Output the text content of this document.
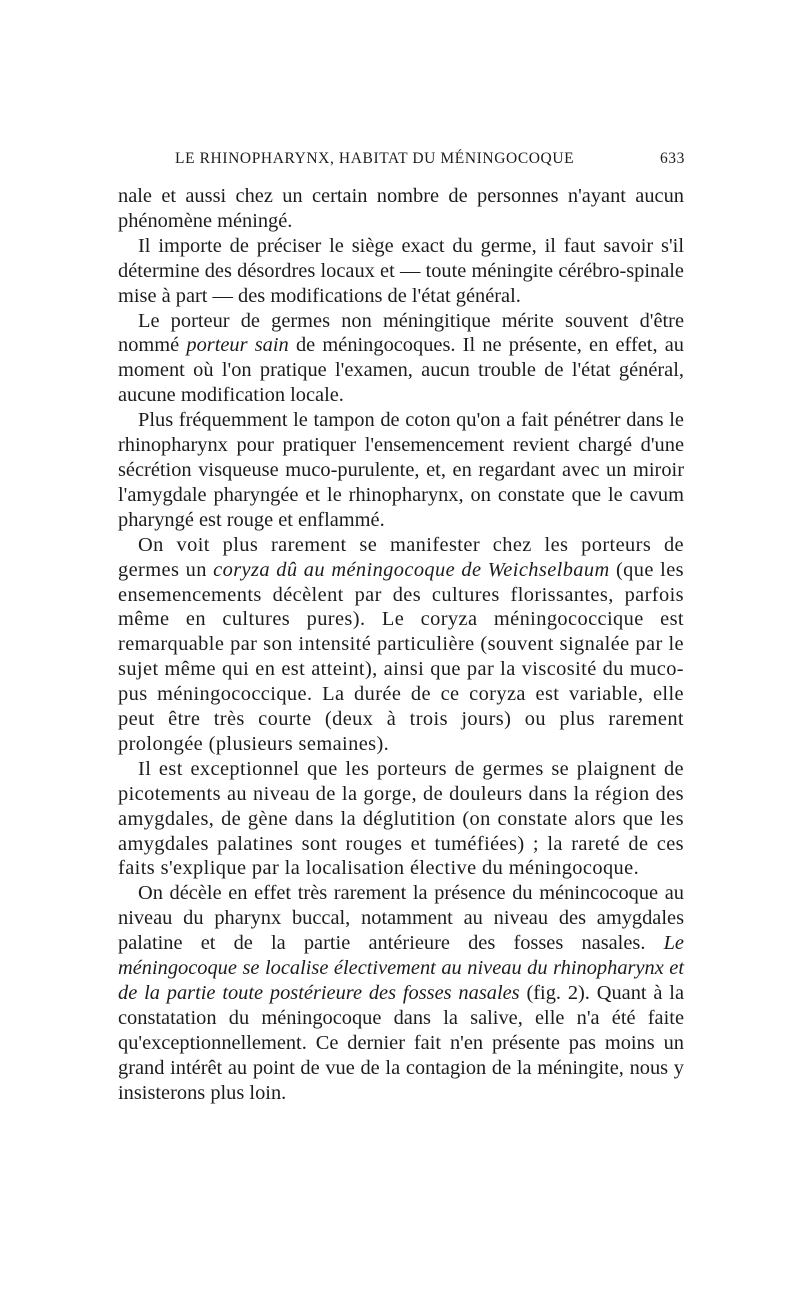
LE RHINOPHARYNX, HABITAT DU MÉNINGOCOQUE	633

nale et aussi chez un certain nombre de personnes n'ayant aucun phénomène méningé.

Il importe de préciser le siège exact du germe, il faut savoir s'il détermine des désordres locaux et — toute méningite cérébro-spinale mise à part — des modifications de l'état général.

Le porteur de germes non méningitique mérite souvent d'être nommé porteur sain de méningocoques. Il ne présente, en effet, au moment où l'on pratique l'examen, aucun trouble de l'état général, aucune modification locale.

Plus fréquemment le tampon de coton qu'on a fait pénétrer dans le rhinopharynx pour pratiquer l'ensemencement revient chargé d'une sécrétion visqueuse muco-purulente, et, en regardant avec un miroir l'amygdale pharyngée et le rhinopharynx, on constate que le cavum pharyngé est rouge et enflammé.

On voit plus rarement se manifester chez les porteurs de germes un coryza dû au méningocoque de Weichselbaum (que les ensemencements décèlent par des cultures florissantes, parfois même en cultures pures). Le coryza méningococcique est remarquable par son intensité particulière (souvent signalée par le sujet même qui en est atteint), ainsi que par la viscosité du muco-pus méningococcique. La durée de ce coryza est variable, elle peut être très courte (deux à trois jours) ou plus rarement prolongée (plusieurs semaines).

Il est exceptionnel que les porteurs de germes se plaignent de picotements au niveau de la gorge, de douleurs dans la région des amygdales, de gène dans la déglutition (on constate alors que les amygdales palatines sont rouges et tuméfiées) ; la rareté de ces faits s'explique par la localisation élective du méningocoque.

On décèle en effet très rarement la présence du ménincocoque au niveau du pharynx buccal, notamment au niveau des amygdales palatine et de la partie antérieure des fosses nasales. Le méningocoque se localise électivement au niveau du rhinopharynx et de la partie toute postérieure des fosses nasales (fig. 2). Quant à la constatation du méningocoque dans la salive, elle n'a été faite qu'exceptionnellement. Ce dernier fait n'en présente pas moins un grand intérêt au point de vue de la contagion de la méningite, nous y insisterons plus loin.
